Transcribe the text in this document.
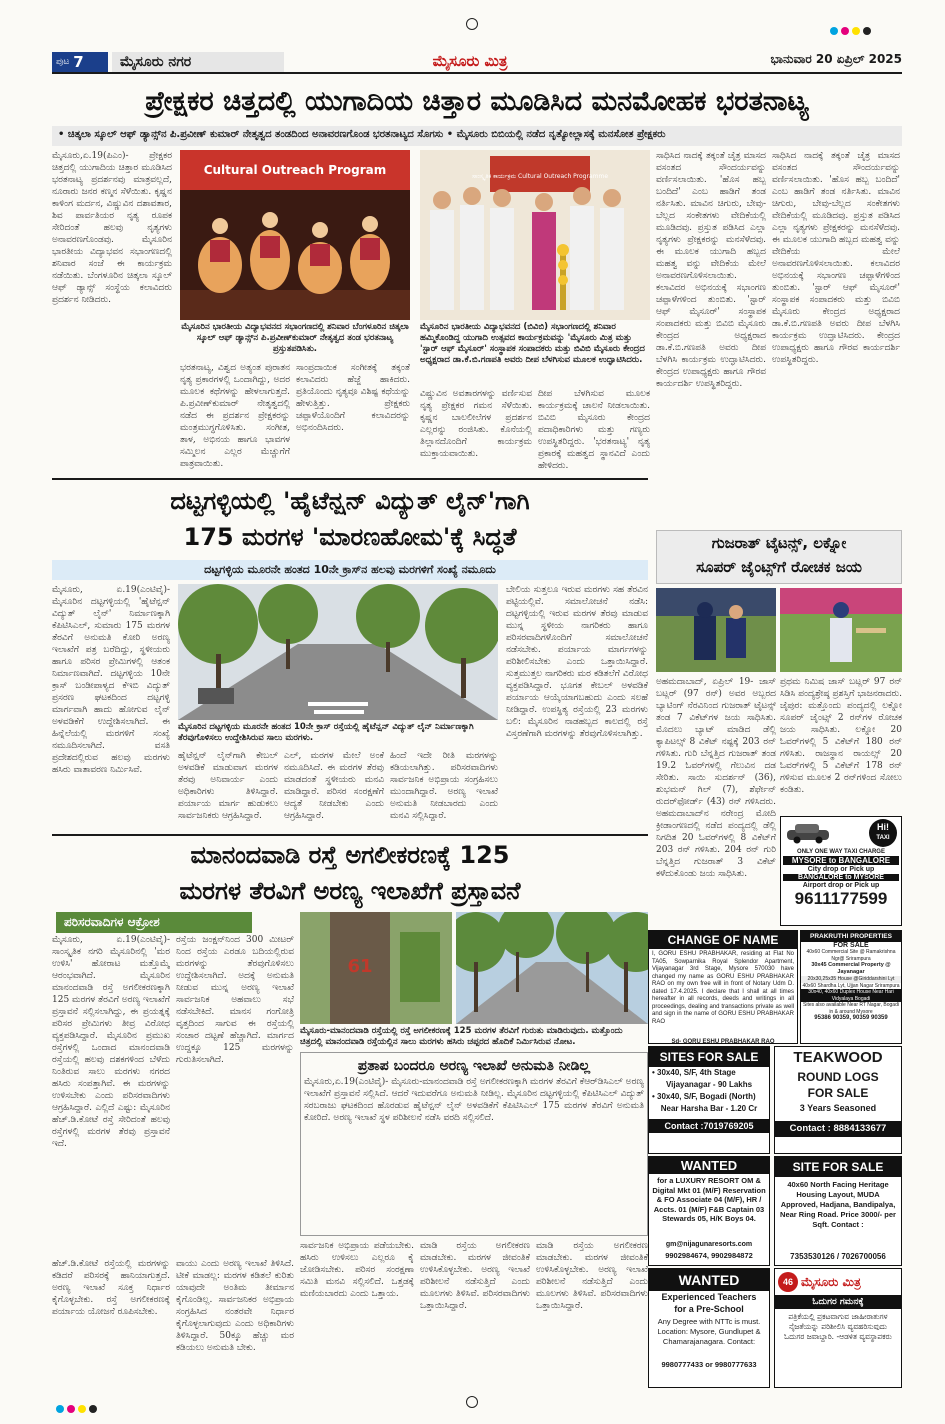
ಪುಟ 7	ಮೈಸೂರು ನಗರ	ಮೈಸೂರು ಮಿತ್ರ	ಭಾನುವಾರ 20 ಏಪ್ರಿಲ್ 2025
ಪ್ರೇಕ್ಷಕರ ಚಿತ್ತದಲ್ಲಿ ಯುಗಾದಿಯ ಚಿತ್ತಾರ ಮೂಡಿಸಿದ ಮನಮೋಹಕ ಭರತನಾಟ್ಯ
• ಚಿತ್ಕಲಾ ಸ್ಕೂಲ್ ಆಫ್ ಡ್ಯಾನ್ಸ್‌ನ ಪಿ.ಪ್ರವೀಣ್ ಕುಮಾರ್ ನೇತೃತ್ವದ ತಂಡದಿಂದ ಅನಾವರಣಗೊಂಡ ಭರತನಾಟ್ಯದ ಸೊಗಸು • ಮೈಸೂರು ಬಿಬಿಯಲ್ಲಿ ನಡೆದ ನೃತ್ಯೋಲ್ಲಾಸಕ್ಕೆ ಮನಸೋತ ಪ್ರೇಕ್ಷಕರು
ಮೈಸೂರು,ಏ.19(ಪಿಎಂ)- ಪ್ರೇಕ್ಷಕರ ಚಿತ್ತದಲ್ಲಿ ಯುಗಾದಿಯ ಚಿತ್ತಾರ ಮೂಡಿಸಿದ ಭರತನಾಟ್ಯ ಪ್ರದರ್ಶನವು ಮಾತ್ರವಲ್ಲದೆ, ನೂರಾರು ಜನರ ಕಣ್ಮನ ಸೆಳೆಯಿತು. ಕೃಷ್ಣನ ಕಾಳಿಂಗ ಮರ್ದನ, ವಿಷ್ಣುವಿನ ದಶಾವತಾರ, ಶಿವ ಪಾರ್ವತಿಯರ ನೃತ್ಯ ರೂಪಕ ಸೇರಿದಂತೆ ಹಲವು ನೃತ್ಯಗಳು ಅನಾವರಣಗೊಂಡವು. ಮೈಸೂರಿನ ಭಾರತೀಯ ವಿದ್ಯಾಭವನ ಸಭಾಂಗಣದಲ್ಲಿ ಶನಿವಾರ ಸಂಜೆ ಈ ಕಾರ್ಯಕ್ರಮ ನಡೆಯಿತು. ಬೆಂಗಳೂರಿನ ಚಿತ್ಕಲಾ ಸ್ಕೂಲ್ ಆಫ್ ಡ್ಯಾನ್ಸ್ ಸಂಸ್ಥೆಯ ಕಲಾವಿದರು ಪ್ರದರ್ಶನ ನೀಡಿದರು.
Cultural Outreach Program
ಮೈಸೂರಿನ ಭಾರತೀಯ ವಿದ್ಯಾಭವನದ ಸಭಾಂಗಣದಲ್ಲಿ ಶನಿವಾರ ಬೆಂಗಳೂರಿನ ಚಿತ್ಕಲಾ ಸ್ಕೂಲ್ ಆಫ್ ಡ್ಯಾನ್ಸ್‌ನ ಪಿ.ಪ್ರವೀಣ್‌ಕುಮಾರ್ ನೇತೃತ್ವದ ತಂಡ ಭರತನಾಟ್ಯ ಪ್ರಸ್ತುತಪಡಿಸಿತು.
ಸಾಂಸ್ಕೃತಿಕ ಕಾರ್ಯಕ್ರಮ Cultural Outreach Programme
ಮೈಸೂರಿನ ಭಾರತೀಯ ವಿದ್ಯಾಭವನದ (ಬಿವಿಬಿ) ಸಭಾಂಗಣದಲ್ಲಿ ಶನಿವಾರ ಹಮ್ಮಿಕೊಂಡಿದ್ದ ಯುಗಾದಿ ಉತ್ಸವದ ಕಾರ್ಯಕ್ರಮವನ್ನು 'ಮೈಸೂರು ಮಿತ್ರ ಮತ್ತು 'ಸ್ಟಾರ್ ಆಫ್ ಮೈಸೂರ್' ಸಂಸ್ಥಾಪಕ ಸಂಪಾದಕರು ಮತ್ತು ಬಿವಿಬಿ ಮೈಸೂರು ಕೇಂದ್ರದ ಅಧ್ಯಕ್ಷರಾದ ಡಾ.ಕೆ.ಬಿ.ಗಣಪತಿ ಅವರು ದೀಪ ಬೆಳಗಿಸುವ ಮೂಲಕ ಉದ್ಘಾಟಿಸಿದರು.
ಭರತನಾಟ್ಯ, ವಿಶ್ವದ ಅತ್ಯಂತ ಪುರಾತನ ನೃತ್ಯ ಪ್ರಕಾರಗಳಲ್ಲಿ ಒಂದಾಗಿದ್ದು, ಅದರ ಮೂಲಕ ಕಥೆಗಳನ್ನು ಹೇಳಲಾಗುತ್ತದೆ. ಪಿ.ಪ್ರವೀಣ್‌ಕುಮಾರ್ ನೇತೃತ್ವದಲ್ಲಿ ನಡೆದ ಈ ಪ್ರದರ್ಶನ ಪ್ರೇಕ್ಷಕರನ್ನು ಮಂತ್ರಮುಗ್ಧಗೊಳಿಸಿತು. ಸಂಗೀತ, ತಾಳ, ಅಭಿನಯ ಹಾಗೂ ಭಾವಗಳ ಸಮ್ಮಿಲನ ಎಲ್ಲರ ಮೆಚ್ಚುಗೆಗೆ ಪಾತ್ರವಾಯಿತು.
ಸಾಂಪ್ರದಾಯಿಕ ಸಂಗೀತಕ್ಕೆ ತಕ್ಕಂತೆ ಕಲಾವಿದರು ಹೆಜ್ಜೆ ಹಾಕಿದರು. ಪ್ರತಿಯೊಂದು ನೃತ್ಯವೂ ವಿಶಿಷ್ಟ ಕಥೆಯನ್ನು ಹೇಳುತ್ತಿತ್ತು. ಪ್ರೇಕ್ಷಕರು ಚಪ್ಪಾಳೆಯೊಂದಿಗೆ ಕಲಾವಿದರನ್ನು ಅಭಿನಂದಿಸಿದರು.
ವಿಷ್ಣುವಿನ ಅವತಾರಗಳನ್ನು ವರ್ಣಿಸುವ ನೃತ್ಯ ಪ್ರೇಕ್ಷಕರ ಗಮನ ಸೆಳೆಯಿತು. ಕೃಷ್ಣನ ಬಾಲಲೀಲೆಗಳ ಪ್ರದರ್ಶನ ಎಲ್ಲರನ್ನು ರಂಜಿಸಿತು. ಕೊನೆಯಲ್ಲಿ ತಿಲ್ಲಾನದೊಂದಿಗೆ ಕಾರ್ಯಕ್ರಮ ಮುಕ್ತಾಯವಾಯಿತು.
ದೀಪ ಬೆಳಗಿಸುವ ಮೂಲಕ ಕಾರ್ಯಕ್ರಮಕ್ಕೆ ಚಾಲನೆ ನೀಡಲಾಯಿತು. ಬಿವಿಬಿ ಮೈಸೂರು ಕೇಂದ್ರದ ಪದಾಧಿಕಾರಿಗಳು ಮತ್ತು ಗಣ್ಯರು ಉಪಸ್ಥಿತರಿದ್ದರು. 'ಭರತನಾಟ್ಯ' ನೃತ್ಯ ಪ್ರಕಾರಕ್ಕೆ ಮಹತ್ವದ ಸ್ಥಾನವಿದೆ ಎಂದು ಹೇಳಿದರು.
ಸಾಧಿಸಿದ ನಾದಕ್ಕೆ ತಕ್ಕಂತೆ ಚೈತ್ರ ಮಾಸದ ವಸಂತದ ಸೌಂದರ್ಯವನ್ನು ವರ್ಣಿಸಲಾಯಿತು. 'ಹೊಸ ಹಬ್ಬ ಬಂದಿದೆ' ಎಂಬ ಹಾಡಿಗೆ ತಂಡ ನರ್ತಿಸಿತು. ಮಾವಿನ ಚಿಗುರು, ಬೇವು-ಬೆಲ್ಲದ ಸಂಕೇತಗಳು ವೇದಿಕೆಯಲ್ಲಿ ಮೂಡಿದವು. ಪ್ರಸ್ತುತ ಪಡಿಸಿದ ಎಲ್ಲಾ ನೃತ್ಯಗಳು ಪ್ರೇಕ್ಷಕರನ್ನು ಮನಸೆಳೆದವು. ಈ ಮೂಲಕ ಯುಗಾದಿ ಹಬ್ಬದ ಮಹತ್ವ ವನ್ನು ವೇದಿಕೆಯ ಮೇಲೆ ಅನಾವರಣಗೊಳಿಸಲಾಯಿತು. ಕಲಾವಿದರ ಅಭಿನಯಕ್ಕೆ ಸಭಾಂಗಣ ಚಪ್ಪಾಳೆಗಳಿಂದ ತುಂಬಿತು. 'ಸ್ಟಾರ್ ಆಫ್ ಮೈಸೂರ್' ಸಂಸ್ಥಾಪಕ ಸಂಪಾದಕರು ಮತ್ತು ಬಿವಿಬಿ ಮೈಸೂರು ಕೇಂದ್ರದ ಅಧ್ಯಕ್ಷರಾದ ಡಾ.ಕೆ.ಬಿ.ಗಣಪತಿ ಅವರು ದೀಪ ಬೆಳಗಿಸಿ ಕಾರ್ಯಕ್ರಮ ಉದ್ಘಾಟಿಸಿದರು. ಕೇಂದ್ರದ ಉಪಾಧ್ಯಕ್ಷರು ಹಾಗೂ ಗೌರವ ಕಾರ್ಯದರ್ಶಿ ಉಪಸ್ಥಿತರಿದ್ದರು.
ಸಾಧಿಸಿದ ನಾದಕ್ಕೆ ತಕ್ಕಂತೆ ಚೈತ್ರ ಮಾಸದ ವಸಂತದ ಸೌಂದರ್ಯವನ್ನು ವರ್ಣಿಸಲಾಯಿತು. 'ಹೊಸ ಹಬ್ಬ ಬಂದಿದೆ' ಎಂಬ ಹಾಡಿಗೆ ತಂಡ ನರ್ತಿಸಿತು. ಮಾವಿನ ಚಿಗುರು, ಬೇವು-ಬೆಲ್ಲದ ಸಂಕೇತಗಳು ವೇದಿಕೆಯಲ್ಲಿ ಮೂಡಿದವು. ಪ್ರಸ್ತುತ ಪಡಿಸಿದ ಎಲ್ಲಾ ನೃತ್ಯಗಳು ಪ್ರೇಕ್ಷಕರನ್ನು ಮನಸೆಳೆದವು. ಈ ಮೂಲಕ ಯುಗಾದಿ ಹಬ್ಬದ ಮಹತ್ವ ವನ್ನು ವೇದಿಕೆಯ ಮೇಲೆ ಅನಾವರಣಗೊಳಿಸಲಾಯಿತು. ಕಲಾವಿದರ ಅಭಿನಯಕ್ಕೆ ಸಭಾಂಗಣ ಚಪ್ಪಾಳೆಗಳಿಂದ ತುಂಬಿತು. 'ಸ್ಟಾರ್ ಆಫ್ ಮೈಸೂರ್' ಸಂಸ್ಥಾಪಕ ಸಂಪಾದಕರು ಮತ್ತು ಬಿವಿಬಿ ಮೈಸೂರು ಕೇಂದ್ರದ ಅಧ್ಯಕ್ಷರಾದ ಡಾ.ಕೆ.ಬಿ.ಗಣಪತಿ ಅವರು ದೀಪ ಬೆಳಗಿಸಿ ಕಾರ್ಯಕ್ರಮ ಉದ್ಘಾಟಿಸಿದರು. ಕೇಂದ್ರದ ಉಪಾಧ್ಯಕ್ಷರು ಹಾಗೂ ಗೌರವ ಕಾರ್ಯದರ್ಶಿ ಉಪಸ್ಥಿತರಿದ್ದರು.
ದಟ್ಟಗಳ್ಳಿಯಲ್ಲಿ 'ಹೈಟೆನ್ಷನ್ ವಿದ್ಯುತ್ ಲೈನ್'ಗಾಗಿ
175 ಮರಗಳ 'ಮಾರಣಹೋಮ'ಕ್ಕೆ ಸಿದ್ಧತೆ
ದಟ್ಟಗಳ್ಳಿಯ ಮೂರನೇ ಹಂತದ 10ನೇ ಕ್ರಾಸ್‌ನ ಹಲವು ಮರಗಳಿಗೆ ಸಂಖ್ಯೆ ನಮೂದು
ಮೈಸೂರು, ಏ.19(ಎಂಟಿವೈ)- ಮೈಸೂರಿನ ದಟ್ಟಗಳ್ಳಿಯಲ್ಲಿ 'ಹೈಟೆನ್ಷನ್ ವಿದ್ಯುತ್ ಲೈನ್' ನಿರ್ಮಾಣಕ್ಕಾಗಿ ಕೆಪಿಟಿಸಿಎಲ್, ಸುಮಾರು 175 ಮರಗಳ ತೆರವಿಗೆ ಅನುಮತಿ ಕೋರಿ ಅರಣ್ಯ ಇಲಾಖೆಗೆ ಪತ್ರ ಬರೆದಿದ್ದು, ಸ್ಥಳೀಯರು ಹಾಗೂ ಪರಿಸರ ಪ್ರೇಮಿಗಳಲ್ಲಿ ಆತಂಕ ನಿರ್ಮಾಣವಾಗಿದೆ. ದಟ್ಟಗಳ್ಳಿಯ 10ನೇ ಕ್ರಾಸ್ ಬಂಡೀಪಾಳ್ಯದ ಕೆಇಬಿ ವಿದ್ಯುತ್ ಪ್ರಸರಣ ಘಟಕದಿಂದ ದಟ್ಟಗಳ್ಳಿ ಮಾರ್ಗವಾಗಿ ಹಾದು ಹೋಗುವ ಲೈನ್ ಅಳವಡಿಕೆಗೆ ಉದ್ದೇಶಿಸಲಾಗಿದೆ. ಈ ಹಿನ್ನೆಲೆಯಲ್ಲಿ ಮರಗಳಿಗೆ ಸಂಖ್ಯೆ ನಮೂದಿಸಲಾಗಿದೆ. ವಸತಿ ಪ್ರದೇಶದಲ್ಲಿರುವ ಹಲವು ಮರಗಳು ಹಸಿರು ವಾತಾವರಣ ನಿರ್ಮಿಸಿವೆ.
ಮೈಸೂರಿನ ದಟ್ಟಗಳ್ಳಿಯ ಮೂರನೇ ಹಂತದ 10ನೇ ಕ್ರಾಸ್ ರಸ್ತೆಯಲ್ಲಿ ಹೈಟೆನ್ಷನ್ ವಿದ್ಯುತ್ ಲೈನ್ ನಿರ್ಮಾಣಕ್ಕಾಗಿ ತೆರವುಗೊಳಿಸಲು ಉದ್ದೇಶಿಸಿರುವ ಸಾಲು ಮರಗಳು.
ಬೇಲಿಯ ಸುತ್ತಲೂ ಇರುವ ಮರಗಳು ಸಹ ತೆರವಿನ ಪಟ್ಟಿಯಲ್ಲಿವೆ. ಸಮಾಲೋಚನೆ ನಡೆಸಿ: ದಟ್ಟಗಳ್ಳಿಯಲ್ಲಿ ಇರುವ ಮರಗಳ ತೆರವು ಮಾಡುವ ಮುನ್ನ ಸ್ಥಳೀಯ ನಾಗರಿಕರು ಹಾಗೂ ಪರಿಸರವಾದಿಗಳೊಂದಿಗೆ ಸಮಾಲೋಚನೆ ನಡೆಸಬೇಕು. ಪರ್ಯಾಯ ಮಾರ್ಗಗಳನ್ನು ಪರಿಶೀಲಿಸಬೇಕು ಎಂದು ಒತ್ತಾಯಿಸಿದ್ದಾರೆ. ಸುತ್ತಮುತ್ತಲ ನಾಗರಿಕರು ಮರ ಕಡಿತಲೆಗೆ ವಿರೋಧ ವ್ಯಕ್ತಪಡಿಸಿದ್ದಾರೆ. ಭೂಗತ ಕೇಬಲ್ ಅಳವಡಿಕೆ ಪರ್ಯಾಯ ಆಯ್ಕೆಯಾಗಬಹುದು ಎಂದು ಸಲಹೆ ನೀಡಿದ್ದಾರೆ. ಉಪಸ್ಥಿತ್ಯ ರಸ್ತೆಯಲ್ಲಿ 23 ಮರಗಳು ಬಲಿ: ಮೈಸೂರಿನ ನಾಡಹಬ್ಬದ ಕಾಲದಲ್ಲಿ ರಸ್ತೆ ವಿಸ್ತರಣೆಗಾಗಿ ಮರಗಳನ್ನು ತೆರವುಗೊಳಿಸಲಾಗಿತ್ತು.
ಹೈಟೆನ್ಷನ್ ಲೈನ್‌ಗಾಗಿ ಕೇಬಲ್ ಅಳವಡಿಕೆ ಮಾಡುವಾಗ ಮರಗಳ ತೆರವು ಅನಿವಾರ್ಯ ಎಂದು ಅಧಿಕಾರಿಗಳು ತಿಳಿಸಿದ್ದಾರೆ. ಪರ್ಯಾಯ ಮಾರ್ಗ ಹುಡುಕಲು ಸಾರ್ವಜನಿಕರು ಆಗ್ರಹಿಸಿದ್ದಾರೆ.
ಎಲ್, ಮರಗಳ ಮೇಲೆ ಅಂಕೆ ನಮೂದಿಸಿದೆ. ಈ ಮರಗಳ ತೆರವು ಮಾಡದಂತೆ ಸ್ಥಳೀಯರು ಮನವಿ ಮಾಡಿದ್ದಾರೆ. ಪರಿಸರ ಸಂರಕ್ಷಣೆಗೆ ಆದ್ಯತೆ ನೀಡಬೇಕು ಎಂದು ಆಗ್ರಹಿಸಿದ್ದಾರೆ.
ಹಿಂದೆ ಇದೇ ರೀತಿ ಮರಗಳನ್ನು ಕಡಿಯಲಾಗಿತ್ತು. ಪರಿಸರವಾದಿಗಳು ಸಾರ್ವಜನಿಕ ಅಭಿಪ್ರಾಯ ಸಂಗ್ರಹಿಸಲು ಮುಂದಾಗಿದ್ದಾರೆ. ಅರಣ್ಯ ಇಲಾಖೆ ಅನುಮತಿ ನೀಡಬಾರದು ಎಂದು ಮನವಿ ಸಲ್ಲಿಸಿದ್ದಾರೆ.
ಗುಜರಾತ್ ಟೈಟನ್ಸ್, ಲಕ್ನೋ
ಸೂಪರ್ ಜೈಂಟ್ಸ್‌ಗೆ ರೋಚಕ ಜಯ
ಅಹಮದಾಬಾದ್, ಏಪ್ರಿಲ್ 19- ಜಾಸ್ ಬಟ್ಲರ್ (97 ರನ್) ಅವರ ಅಬ್ಬರದ ಬ್ಯಾಟಿಂಗ್ ನೆರವಿನಿಂದ ಗುಜರಾತ್ ಟೈಟನ್ಸ್ ತಂಡ 7 ವಿಕೆಟ್‌ಗಳ ಜಯ ಸಾಧಿಸಿತು. ಮೊದಲು ಬ್ಯಾಟ್ ಮಾಡಿದ ಡೆಲ್ಲಿ ಕ್ಯಾಪಿಟಲ್ಸ್ 8 ವಿಕೆಟ್ ನಷ್ಟಕ್ಕೆ 203 ರನ್ ಗಳಿಸಿತು. ಗುರಿ ಬೆನ್ನತ್ತಿದ ಗುಜರಾತ್ ತಂಡ 19.2 ಓವರ್‌ಗಳಲ್ಲಿ ಗೆಲುವಿನ ದಡ ಸೇರಿತು. ಸಾಯಿ ಸುದರ್ಶನ್ (36), ಶುಭಮನ್ ಗಿಲ್ (7), ಶೆರ್ಫೇನ್ ರುದರ್‌ಫೋರ್ಡ್ (43) ರನ್ ಗಳಿಸಿದರು. ಅಹಮದಾಬಾದ್‌ನ ನರೇಂದ್ರ ಮೋದಿ ಕ್ರೀಡಾಂಗಣದಲ್ಲಿ ನಡೆದ ಪಂದ್ಯದಲ್ಲಿ ಡೆಲ್ಲಿ ನಿಗದಿತ 20 ಓವರ್‌ಗಳಲ್ಲಿ 8 ವಿಕೆಟ್‌ಗೆ 203 ರನ್ ಗಳಿಸಿತು. 204 ರನ್ ಗುರಿ ಬೆನ್ನತ್ತಿದ ಗುಜರಾತ್ 3 ವಿಕೆಟ್ ಕಳೆದುಕೊಂಡು ಜಯ ಸಾಧಿಸಿತು.
ಪ್ರಥಮ ನಿಮಿಷ ಜಾಸ್ ಬಟ್ಲರ್ 97 ರನ್ ಸಿಡಿಸಿ ಪಂದ್ಯಶ್ರೇಷ್ಠ ಪ್ರಶಸ್ತಿಗೆ ಭಾಜನರಾದರು. ಜೈಪುರ: ಮತ್ತೊಂದು ಪಂದ್ಯದಲ್ಲಿ ಲಕ್ನೋ ಸೂಪರ್ ಜೈಂಟ್ಸ್ 2 ರನ್‌ಗಳ ರೋಚಕ ಜಯ ಸಾಧಿಸಿತು. ಲಕ್ನೋ 20 ಓವರ್‌ಗಳಲ್ಲಿ 5 ವಿಕೆಟ್‌ಗೆ 180 ರನ್ ಗಳಿಸಿತು. ರಾಜಸ್ಥಾನ ರಾಯಲ್ಸ್ 20 ಓವರ್‌ಗಳಲ್ಲಿ 5 ವಿಕೆಟ್‌ಗೆ 178 ರನ್ ಗಳಿಸುವ ಮೂಲಕ 2 ರನ್‌ಗಳಿಂದ ಸೋಲು ಕಂಡಿತು.
Hi!
TAXI
ONLY ONE WAY TAXI CHARGE
MYSORE to BANGALORE
City drop or Pick up
BANGALORE to MYSORE
Airport drop or Pick up
9611177599
ಮಾನಂದವಾಡಿ ರಸ್ತೆ ಅಗಲೀಕರಣಕ್ಕೆ 125
ಮರಗಳ ತೆರವಿಗೆ ಅರಣ್ಯ ಇಲಾಖೆಗೆ ಪ್ರಸ್ತಾವನೆ
ಪರಿಸರವಾದಿಗಳ ಆಕ್ರೋಶ
ಮೈಸೂರು, ಏ.19(ಎಂಟಿವೈ)- ಸಾಂಸ್ಕೃತಿಕ ನಗರಿ ಮೈಸೂರಿನಲ್ಲಿ 'ಮರ ಉಳಿಸಿ' ಹೋರಾಟ ಮತ್ತೊಮ್ಮೆ ಆರಂಭವಾಗಿದೆ. ಮೈಸೂರಿನ ಮಾನಂದವಾಡಿ ರಸ್ತೆ ಅಗಲೀಕರಣಕ್ಕಾಗಿ 125 ಮರಗಳ ತೆರವಿಗೆ ಅರಣ್ಯ ಇಲಾಖೆಗೆ ಪ್ರಸ್ತಾವನೆ ಸಲ್ಲಿಸಲಾಗಿದ್ದು, ಈ ಪ್ರಯತ್ನಕ್ಕೆ ಪರಿಸರ ಪ್ರೇಮಿಗಳು ತೀವ್ರ ವಿರೋಧ ವ್ಯಕ್ತಪಡಿಸಿದ್ದಾರೆ. ಮೈಸೂರಿನ ಪ್ರಮುಖ ರಸ್ತೆಗಳಲ್ಲಿ ಒಂದಾದ ಮಾನಂದವಾಡಿ ರಸ್ತೆಯಲ್ಲಿ ಹಲವು ದಶಕಗಳಿಂದ ಬೆಳೆದು ನಿಂತಿರುವ ಸಾಲು ಮರಗಳು ನಗರದ ಹಸಿರು ಸಂಪತ್ತಾಗಿವೆ. ಈ ಮರಗಳನ್ನು ಉಳಿಸಬೇಕು ಎಂದು ಪರಿಸರವಾದಿಗಳು ಆಗ್ರಹಿಸಿದ್ದಾರೆ. ಎಲ್ಲಿದೆ ಎಷ್ಟು: ಮೈಸೂರಿನ ಹೆಚ್.ಡಿ.ಕೋಟೆ ರಸ್ತೆ ಸೇರಿದಂತೆ ಹಲವು ರಸ್ತೆಗಳಲ್ಲಿ ಮರಗಳ ತೆರವು ಪ್ರಸ್ತಾವನೆ ಇದೆ.
ರಸ್ತೆಯ ಜಂಕ್ಷನ್‌ನಿಂದ 300 ಮೀಟರ್ ನಿಂದ ರಸ್ತೆಯ ಎರಡೂ ಬದಿಯಲ್ಲಿರುವ ಮರಗಳನ್ನು ತೆರವುಗೊಳಿಸಲು ಉದ್ದೇಶಿಸಲಾಗಿದೆ. ಅದಕ್ಕೆ ಅನುಮತಿ ನೀಡುವ ಮುನ್ನ ಅರಣ್ಯ ಇಲಾಖೆ ಸಾರ್ವಜನಿಕ ಅಹವಾಲು ಸಭೆ ನಡೆಸಬೇಕಿದೆ. ಮಾನಸ ಗಂಗೋತ್ರಿ ವೃತ್ತದಿಂದ ಸಾಗುವ ಈ ರಸ್ತೆಯಲ್ಲಿ ಸಂಚಾರ ದಟ್ಟಣೆ ಹೆಚ್ಚಾಗಿದೆ. ಮಾರ್ಗದ ಉದ್ದಕ್ಕೂ 125 ಮರಗಳನ್ನು ಗುರುತಿಸಲಾಗಿದೆ.
61
ಮೈಸೂರು-ಮಾನಂದವಾಡಿ ರಸ್ತೆಯಲ್ಲಿ ರಸ್ತೆ ಅಗಲೀಕರಣಕ್ಕೆ 125 ಮರಗಳ ತೆರವಿಗೆ ಗುರುತು ಮಾಡಿರುವುದು. ಮತ್ತೊಂದು ಚಿತ್ರದಲ್ಲಿ ಮಾನಂದವಾಡಿ ರಸ್ತೆಯಲ್ಲಿನ ಸಾಲು ಮರಗಳು ಹಸಿರು ಚಪ್ಪರದ ಹೊದಿಕೆ ನಿರ್ಮಿಸಿರುವ ನೋಟ.
ಪ್ರತಾಪ ಬಂದರೂ ಅರಣ್ಯ ಇಲಾಖೆ ಅನುಮತಿ ನೀಡಿಲ್ಲ
ಮೈಸೂರು,ಏ.19(ಎಂಟಿವೈ)- ಮೈಸೂರು-ಮಾನಂದವಾಡಿ ರಸ್ತೆ ಅಗಲೀಕರಣಕ್ಕಾಗಿ ಮರಗಳ ತೆರವಿಗೆ ಕೆಆರ್‌ಡಿಸಿಎಲ್ ಅರಣ್ಯ ಇಲಾಖೆಗೆ ಪ್ರಸ್ತಾವನೆ ಸಲ್ಲಿಸಿದೆ. ಆದರೆ ಇದುವರೆಗೂ ಅನುಮತಿ ನೀಡಿಲ್ಲ. ಮೈಸೂರಿನ ದಟ್ಟಗಳ್ಳಿಯಲ್ಲಿ ಕೆಪಿಟಿಸಿಎಲ್ ವಿದ್ಯುತ್ ಸರಬರಾಜು ಘಟಕದಿಂದ ಹೊರಡುವ ಹೈಟೆನ್ಷನ್ ಲೈನ್ ಅಳವಡಿಕೆಗೆ ಕೆಪಿಟಿಸಿಎಲ್ 175 ಮರಗಳ ತೆರವಿಗೆ ಅನುಮತಿ ಕೋರಿದೆ. ಅರಣ್ಯ ಇಲಾಖೆ ಸ್ಥಳ ಪರಿಶೀಲನೆ ನಡೆಸಿ ವರದಿ ಸಲ್ಲಿಸಲಿದೆ.
ಹೆಚ್.ಡಿ.ಕೋಟೆ ರಸ್ತೆಯಲ್ಲಿ ಮರಗಳನ್ನು ಕಡಿದರೆ ಪರಿಸರಕ್ಕೆ ಹಾನಿಯಾಗುತ್ತದೆ. ಅರಣ್ಯ ಇಲಾಖೆ ಸೂಕ್ತ ನಿರ್ಧಾರ ಕೈಗೊಳ್ಳಬೇಕು. ರಸ್ತೆ ಅಗಲೀಕರಣಕ್ಕೆ ಪರ್ಯಾಯ ಯೋಜನೆ ರೂಪಿಸಬೇಕು.
ವಾಯು ಎಂದು ಅರಣ್ಯ ಇಲಾಖೆ ತಿಳಿಸಿದೆ. ಟೀಕೆ ಮಾಡಲ್ಲ: ಮರಗಳ ಕಡಿತಲೆ ಕುರಿತು ಯಾವುದೇ ಅಂತಿಮ ತೀರ್ಮಾನ ಕೈಗೊಂಡಿಲ್ಲ. ಸಾರ್ವಜನಿಕರ ಅಭಿಪ್ರಾಯ ಸಂಗ್ರಹಿಸಿದ ನಂತರವೇ ನಿರ್ಧಾರ ಕೈಗೊಳ್ಳಲಾಗುವುದು ಎಂದು ಅಧಿಕಾರಿಗಳು ತಿಳಿಸಿದ್ದಾರೆ. 50ಕ್ಕೂ ಹೆಚ್ಚು ಮರ ಕಡಿಯಲು ಅನುಮತಿ ಬೇಕು.
ಸಾರ್ವಜನಿಕ ಅಭಿಪ್ರಾಯ ಪಡೆಯಬೇಕು. ಹಸಿರು ಉಳಿಸಲು ಎಲ್ಲರೂ ಕೈ ಜೋಡಿಸಬೇಕು. ಪರಿಸರ ಸಂರಕ್ಷಣಾ ಸಮಿತಿ ಮನವಿ ಸಲ್ಲಿಸಲಿದೆ. ಒತ್ತಡಕ್ಕೆ ಮಣಿಯಬಾರದು ಎಂದು ಒತ್ತಾಯ.
ಮಾಡಿ ರಸ್ತೆಯ ಅಗಲೀಕರಣ ಮಾಡಬೇಕು. ಮರಗಳ ಜೀವಂತಿಕೆ ಉಳಿಸಿಕೊಳ್ಳಬೇಕು. ಅರಣ್ಯ ಇಲಾಖೆ ಪರಿಶೀಲನೆ ನಡೆಸುತ್ತಿದೆ ಎಂದು ಮೂಲಗಳು ತಿಳಿಸಿವೆ. ಪರಿಸರವಾದಿಗಳು ಒತ್ತಾಯಿಸಿದ್ದಾರೆ.
ಮಾಡಿ ರಸ್ತೆಯ ಅಗಲೀಕರಣ ಮಾಡಬೇಕು. ಮರಗಳ ಜೀವಂತಿಕೆ ಉಳಿಸಿಕೊಳ್ಳಬೇಕು. ಅರಣ್ಯ ಇಲಾಖೆ ಪರಿಶೀಲನೆ ನಡೆಸುತ್ತಿದೆ ಎಂದು ಮೂಲಗಳು ತಿಳಿಸಿವೆ. ಪರಿಸರವಾದಿಗಳು ಒತ್ತಾಯಿಸಿದ್ದಾರೆ.
CHANGE OF NAME
I, GORU ESHU PRABHAKAR, residing at Flat No TA05, Sowparnika Royal Splendor Apartment, Vijayanagar 3rd Stage, Mysore 570030 have changed my name as GORU ESHU PRABHAKAR RAO on my own free will in front of Notary Udm D. dated 17.4.2025. I declare that I shall at all times hereafter in all records, deeds and writings in all proceedings, dealing and transactions private as well and sign in the name of GORU ESHU PRABHAKAR RAO
Sd- GORU ESHU PRABHAKAR RAO
PRAKRUTHI PROPERTIES
FOR SALE
40x60 Commercial Site @ Ramakrishna Ngr@ Srirampura
30x45 Commercial Property @ Jayanagar
20x30,25x35 House @Giriddarshini Lyt
40x60 Shardha Lyt, Ujjan Nagar Srirampura
30x40, 40x60 Duplex House Near Hari Vidyalaya Bogadi
Sites also available Near RT Nagar, Bogadi in & around Mysore
95386 90359, 90359 90359
SITES FOR SALE
• 30x40, S/F, 4th Stage
Vijayanagar - 90 Lakhs
• 30x40, S/F, Bogadi (North)
Near Harsha Bar - 1.20 Cr
Contact :7019769205
TEAKWOOD
ROUND LOGS
FOR SALE
3 Years Seasoned
Contact : 8884133677
WANTED
for a LUXURY RESORT OM & Digital Mkt 01 (M/F) Reservation & FO Associate 04 (M/F), HR / Accts. 01 (M/F) F&B Captain 03 Stewards 05, H/K Boys 04.
gm@nijagunaresorts.com
9902984674, 9902984872
SITE FOR SALE
40x60 North Facing Heritage Housing Layout, MUDA Approved, Hadjana, Bandipalya, Near Ring Road. Price 3000/- per Sqft. Contact :
7353530126 / 7026700056
WANTED
Experienced Teachers
for a Pre-School
Any Degree with NTTc is must. Location: Mysore, Gundlupet & Chamarajanagara. Contact:
9980777433 or 9980777633
46 ಮೈಸೂರು ಮಿತ್ರ
ಓದುಗರ ಗಮನಕ್ಕೆ
ಪತ್ರಿಕೆಯಲ್ಲಿ ಪ್ರಕಟವಾಗುವ ಜಾಹೀರಾತುಗಳ ನೈಜತೆಯನ್ನು ಪರಿಶೀಲಿಸಿ ವ್ಯವಹರಿಸುವುದು ಓದುಗರ ಜವಾಬ್ದಾರಿ. -ಆಡಳಿತ ವ್ಯವಸ್ಥಾಪಕರು
